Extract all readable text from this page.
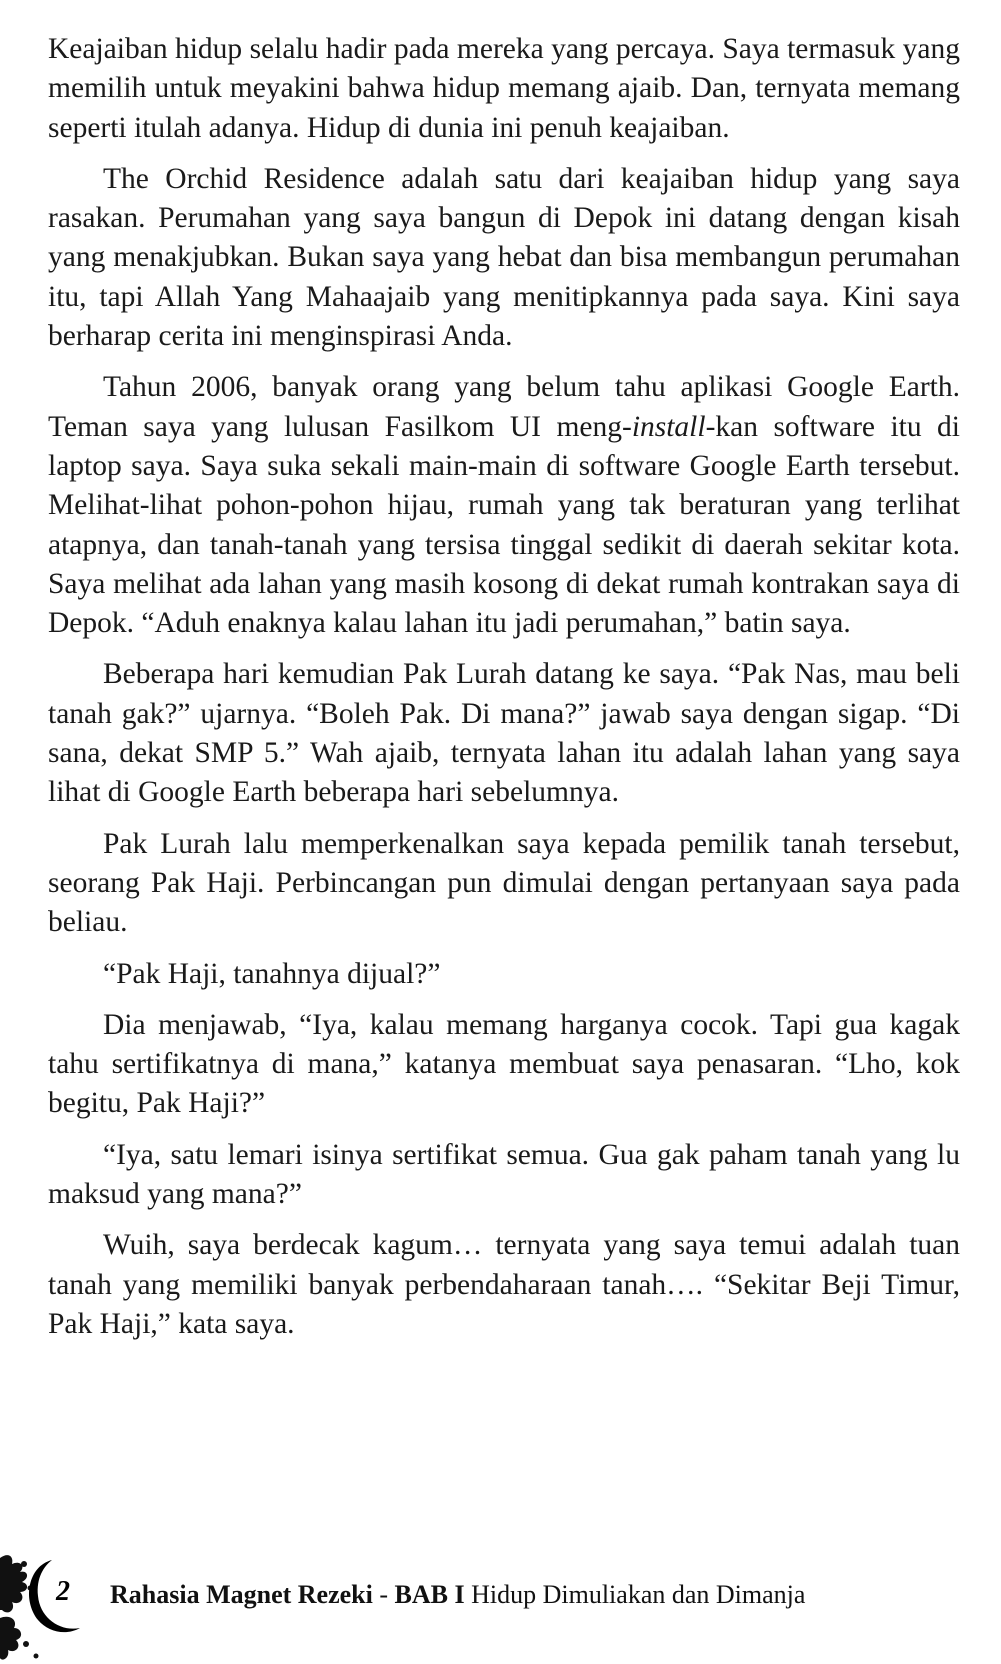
Keajaiban hidup selalu hadir pada mereka yang percaya. Saya termasuk yang memilih untuk meyakini bahwa hidup memang ajaib. Dan, ternyata memang seperti itulah adanya. Hidup di dunia ini penuh keajaiban.

The Orchid Residence adalah satu dari keajaiban hidup yang saya rasakan. Perumahan yang saya bangun di Depok ini datang dengan kisah yang menakjubkan. Bukan saya yang hebat dan bisa membangun perumahan itu, tapi Allah Yang Mahaajaib yang menitipkannya pada saya. Kini saya berharap cerita ini menginspirasi Anda.

Tahun 2006, banyak orang yang belum tahu aplikasi Google Earth. Teman saya yang lulusan Fasilkom UI meng-install-kan software itu di laptop saya. Saya suka sekali main-main di software Google Earth tersebut. Melihat-lihat pohon-pohon hijau, rumah yang tak beraturan yang terlihat atapnya, dan tanah-tanah yang tersisa tinggal sedikit di daerah sekitar kota. Saya melihat ada lahan yang masih kosong di dekat rumah kontrakan saya di Depok. “Aduh enaknya kalau lahan itu jadi perumahan,” batin saya.

Beberapa hari kemudian Pak Lurah datang ke saya. “Pak Nas, mau beli tanah gak?” ujarnya. “Boleh Pak. Di mana?” jawab saya dengan sigap. “Di sana, dekat SMP 5.” Wah ajaib, ternyata lahan itu adalah lahan yang saya lihat di Google Earth beberapa hari sebelumnya.

Pak Lurah lalu memperkenalkan saya kepada pemilik tanah tersebut, seorang Pak Haji. Perbincangan pun dimulai dengan pertanyaan saya pada beliau.

“Pak Haji, tanahnya dijual?”

Dia menjawab, “Iya, kalau memang harganya cocok. Tapi gua kagak tahu sertifikatnya di mana,” katanya membuat saya penasaran. “Lho, kok begitu, Pak Haji?”

“Iya, satu lemari isinya sertifikat semua. Gua gak paham tanah yang lu maksud yang mana?”

Wuih, saya berdecak kagum… ternyata yang saya temui adalah tuan tanah yang memiliki banyak perbendaharaan tanah…. “Sekitar Beji Timur, Pak Haji,” kata saya.

2 Rahasia Magnet Rezeki - BAB I Hidup Dimuliakan dan Dimanja
